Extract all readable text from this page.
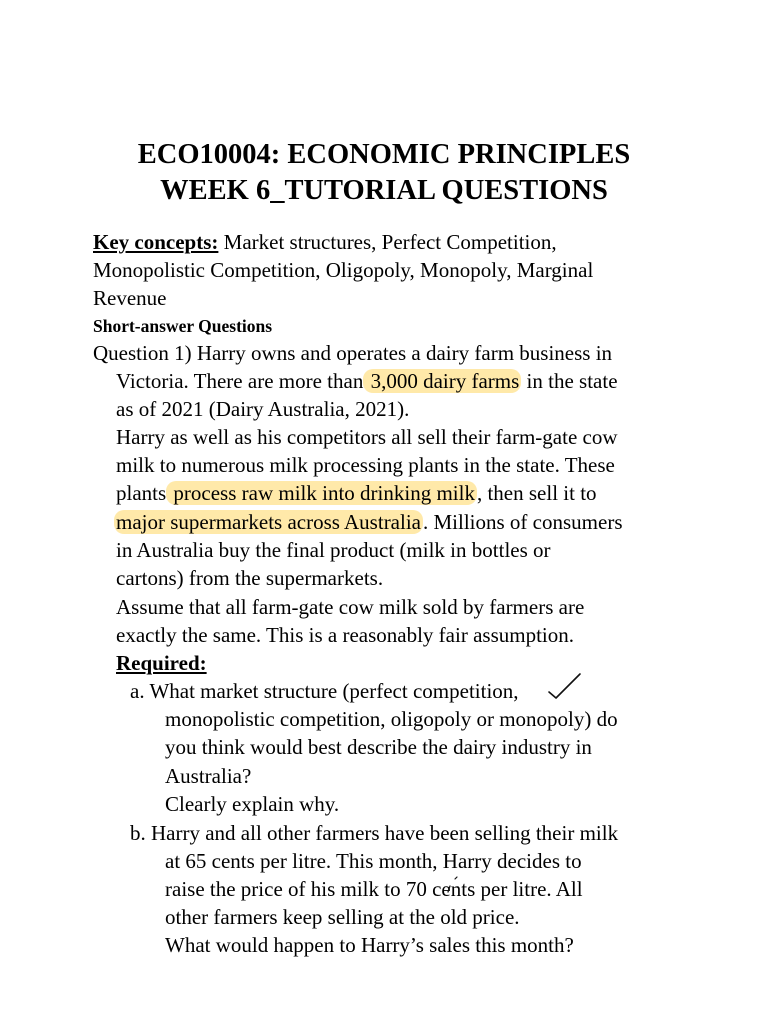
ECO10004: ECONOMIC PRINCIPLES
WEEK 6_TUTORIAL QUESTIONS
Key concepts: Market structures, Perfect Competition,
Monopolistic Competition, Oligopoly, Monopoly, Marginal
Revenue
Short-answer Questions
Question 1) Harry owns and operates a dairy farm business in
Victoria. There are more than 3,000 dairy farms in the state
as of 2021 (Dairy Australia, 2021).
Harry as well as his competitors all sell their farm-gate cow
milk to numerous milk processing plants in the state. These
plants process raw milk into drinking milk, then sell it to
major supermarkets across Australia. Millions of consumers
in Australia buy the final product (milk in bottles or
cartons) from the supermarkets.
Assume that all farm-gate cow milk sold by farmers are
exactly the same. This is a reasonably fair assumption.
Required:
a. What market structure (perfect competition,
monopolistic competition, oligopoly or monopoly) do
you think would best describe the dairy industry in
Australia?
Clearly explain why.
b. Harry and all other farmers have been selling their milk
at 65 cents per litre. This month, Harry decides to
raise the price of his milk to 70 cents per litre. All
other farmers keep selling at the old price.
What would happen to Harry’s sales this month?
